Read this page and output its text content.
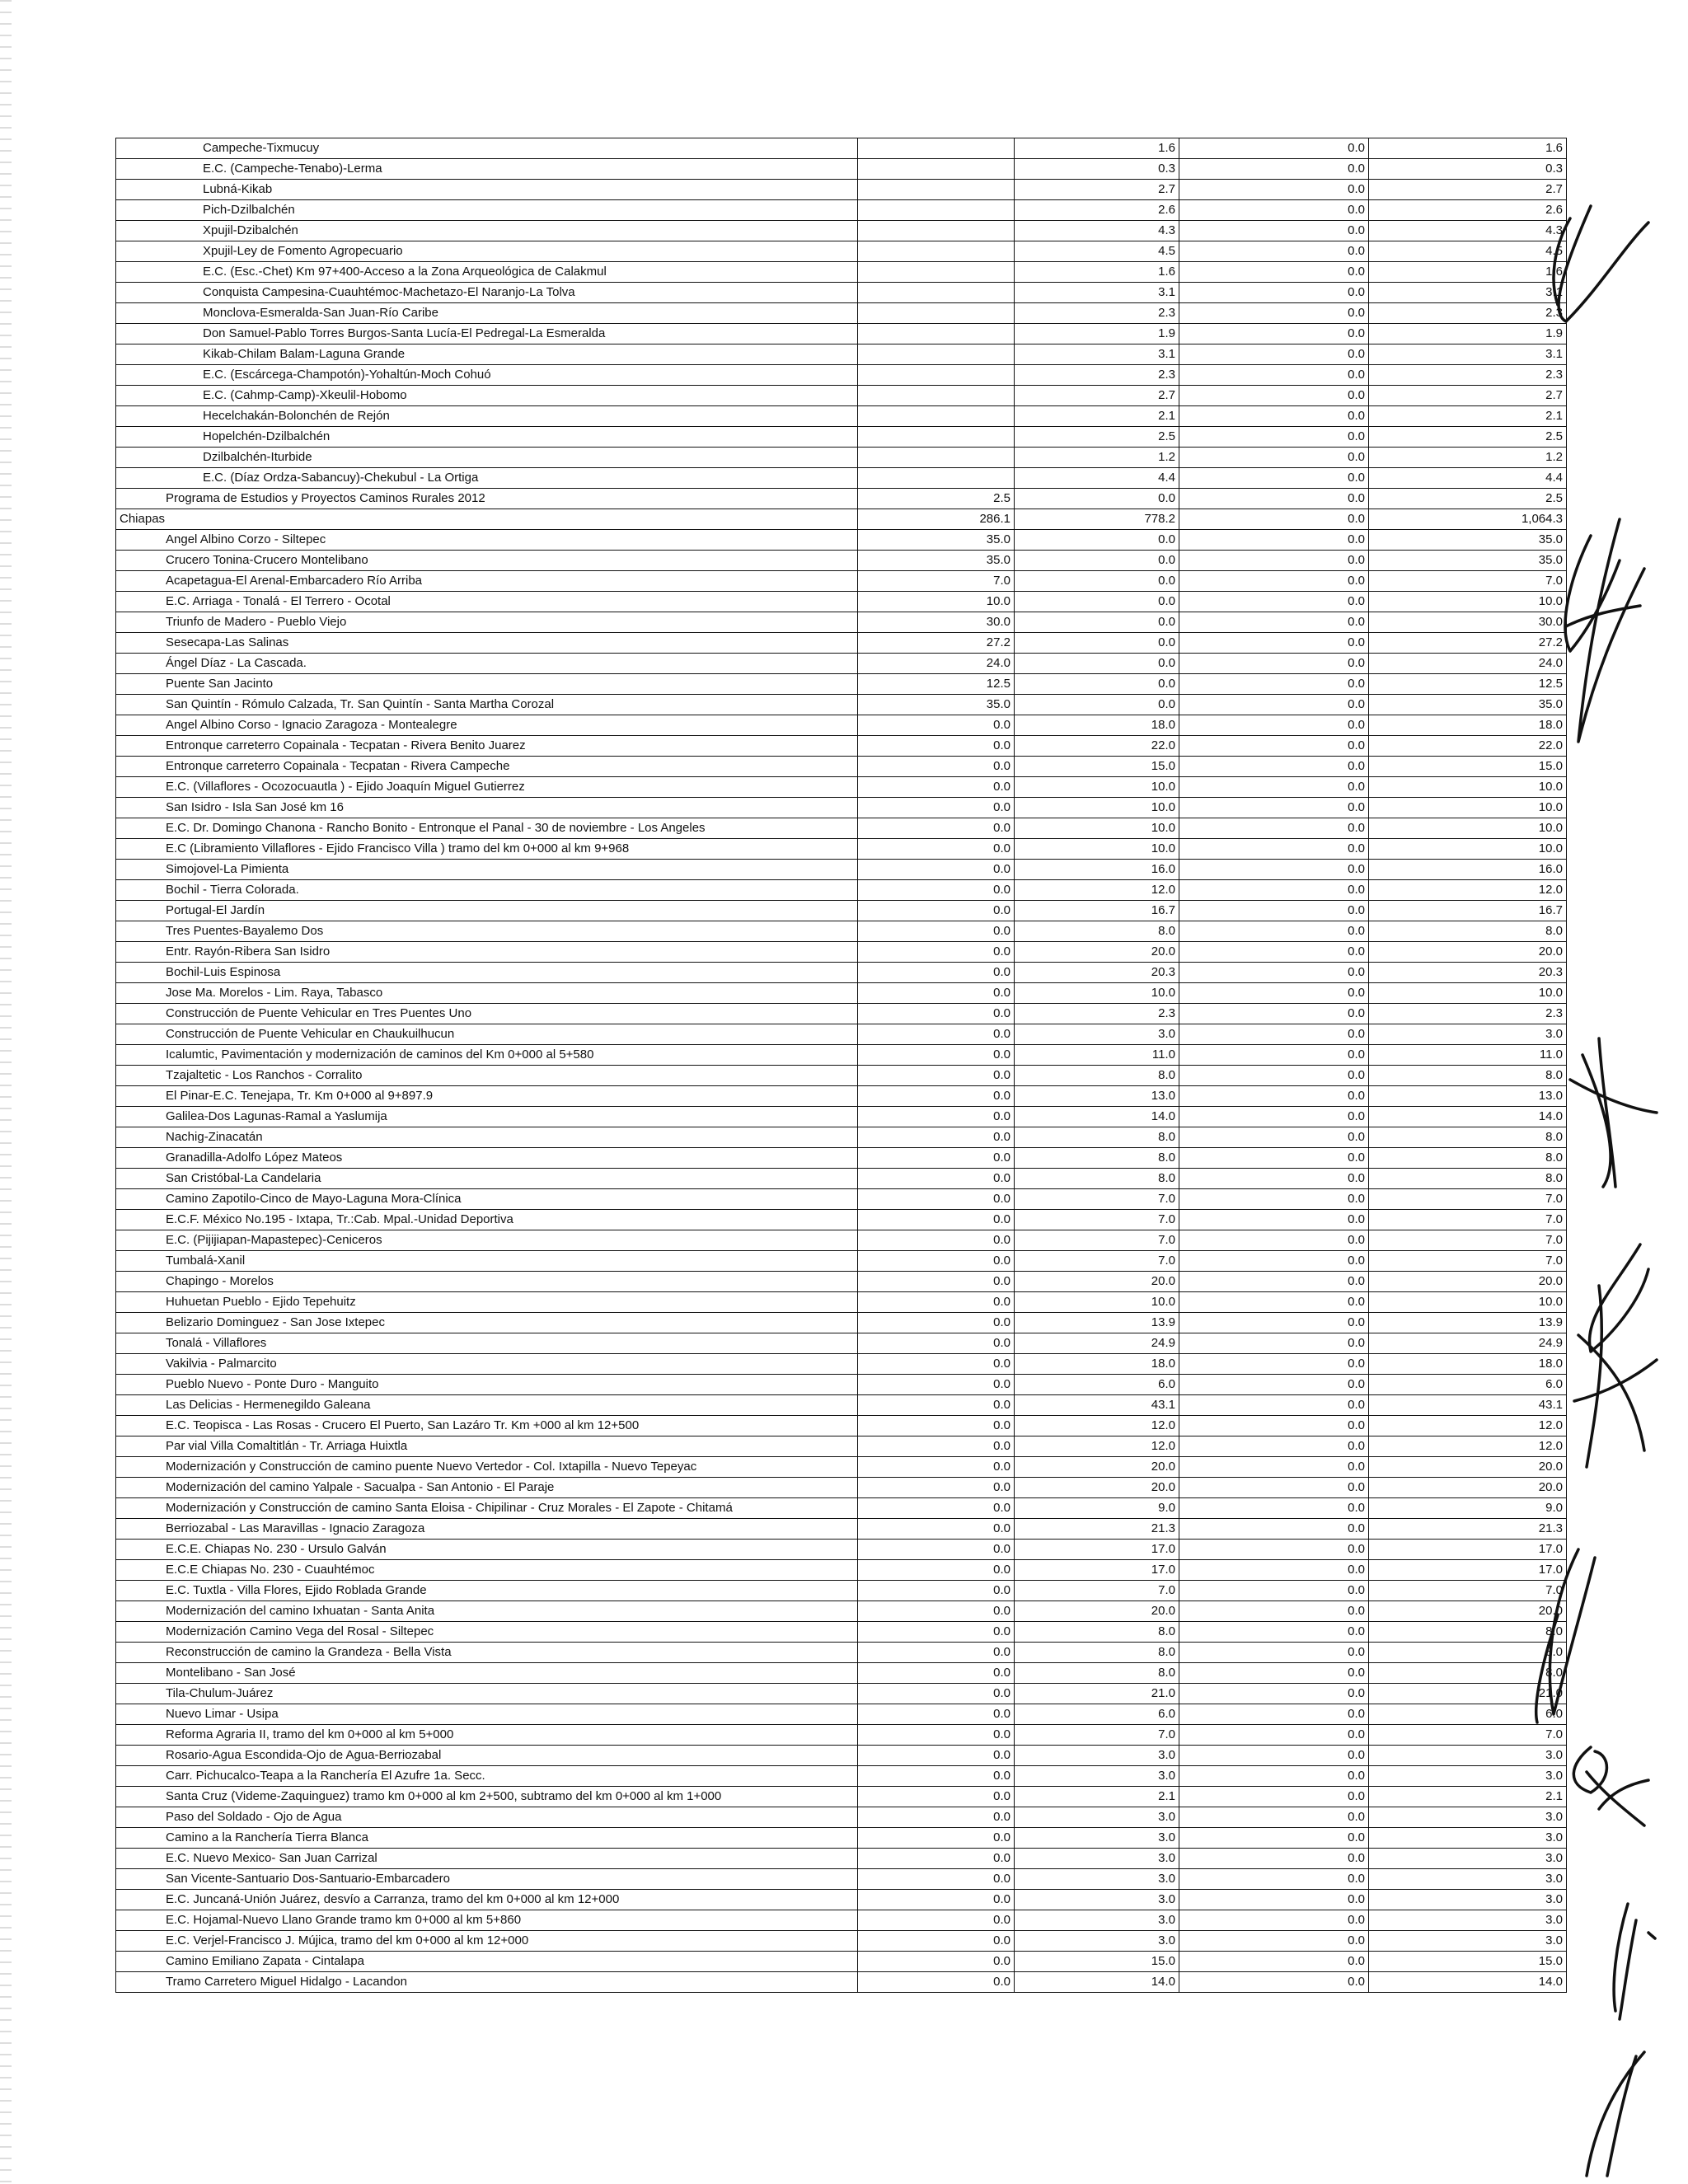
Campeche-Tixmucuy		1.6	0.0	1.6
E.C. (Campeche-Tenabo)-Lerma		0.3	0.0	0.3
Lubná-Kikab		2.7	0.0	2.7
Pich-Dzilbalchén		2.6	0.0	2.6
Xpujil-Dzibalchén		4.3	0.0	4.3
Xpujil-Ley de Fomento Agropecuario		4.5	0.0	4.5
E.C. (Esc.-Chet) Km 97+400-Acceso a la Zona Arqueológica de Calakmul		1.6	0.0	1.6
Conquista Campesina-Cuauhtémoc-Machetazo-El Naranjo-La Tolva		3.1	0.0	3.1
Monclova-Esmeralda-San Juan-Río Caribe		2.3	0.0	2.3
Don Samuel-Pablo Torres Burgos-Santa Lucía-El Pedregal-La Esmeralda		1.9	0.0	1.9
Kikab-Chilam Balam-Laguna Grande		3.1	0.0	3.1
E.C. (Escárcega-Champotón)-Yohaltún-Moch Cohuó		2.3	0.0	2.3
E.C. (Cahmp-Camp)-Xkeulil-Hobomo		2.7	0.0	2.7
Hecelchakán-Bolonchén de Rejón		2.1	0.0	2.1
Hopelchén-Dzilbalchén		2.5	0.0	2.5
Dzilbalchén-Iturbide		1.2	0.0	1.2
E.C. (Díaz Ordza-Sabancuy)-Chekubul - La Ortiga		4.4	0.0	4.4
Programa de Estudios y Proyectos Caminos Rurales 2012	2.5	0.0	0.0	2.5
Chiapas	286.1	778.2	0.0	1,064.3
Angel Albino Corzo - Siltepec	35.0	0.0	0.0	35.0
Crucero Tonina-Crucero Montelibano	35.0	0.0	0.0	35.0
Acapetagua-El Arenal-Embarcadero Río Arriba	7.0	0.0	0.0	7.0
E.C. Arriaga - Tonalá - El Terrero - Ocotal	10.0	0.0	0.0	10.0
Triunfo de Madero - Pueblo Viejo	30.0	0.0	0.0	30.0
Sesecapa-Las Salinas	27.2	0.0	0.0	27.2
Ángel Díaz - La Cascada.	24.0	0.0	0.0	24.0
Puente San Jacinto	12.5	0.0	0.0	12.5
San Quintín - Rómulo Calzada, Tr. San Quintín - Santa Martha Corozal	35.0	0.0	0.0	35.0
Angel Albino Corso - Ignacio Zaragoza - Montealegre	0.0	18.0	0.0	18.0
Entronque carreterro Copainala - Tecpatan - Rivera Benito Juarez	0.0	22.0	0.0	22.0
Entronque carreterro Copainala - Tecpatan - Rivera Campeche	0.0	15.0	0.0	15.0
E.C. (Villaflores - Ocozocuautla ) - Ejido Joaquín Miguel Gutierrez	0.0	10.0	0.0	10.0
San Isidro - Isla San José km 16	0.0	10.0	0.0	10.0
E.C. Dr. Domingo Chanona - Rancho Bonito - Entronque el Panal - 30 de noviembre - Los Angeles	0.0	10.0	0.0	10.0
E.C (Libramiento Villaflores - Ejido Francisco Villa ) tramo del km 0+000 al km 9+968	0.0	10.0	0.0	10.0
Simojovel-La Pimienta	0.0	16.0	0.0	16.0
Bochil - Tierra Colorada.	0.0	12.0	0.0	12.0
Portugal-El Jardín	0.0	16.7	0.0	16.7
Tres Puentes-Bayalemo Dos	0.0	8.0	0.0	8.0
Entr. Rayón-Ribera San Isidro	0.0	20.0	0.0	20.0
Bochil-Luis Espinosa	0.0	20.3	0.0	20.3
Jose Ma. Morelos - Lim. Raya, Tabasco	0.0	10.0	0.0	10.0
Construcción de Puente Vehicular en Tres Puentes Uno	0.0	2.3	0.0	2.3
Construcción de Puente Vehicular en Chaukuilhucun	0.0	3.0	0.0	3.0
Icalumtic, Pavimentación y modernización de caminos del Km 0+000 al 5+580	0.0	11.0	0.0	11.0
Tzajaltetic - Los Ranchos - Corralito	0.0	8.0	0.0	8.0
El Pinar-E.C. Tenejapa, Tr. Km 0+000 al 9+897.9	0.0	13.0	0.0	13.0
Galilea-Dos Lagunas-Ramal a Yaslumija	0.0	14.0	0.0	14.0
Nachig-Zinacatán	0.0	8.0	0.0	8.0
Granadilla-Adolfo López Mateos	0.0	8.0	0.0	8.0
San Cristóbal-La Candelaria	0.0	8.0	0.0	8.0
Camino Zapotilo-Cinco de Mayo-Laguna Mora-Clínica	0.0	7.0	0.0	7.0
E.C.F. México No.195 - Ixtapa, Tr.:Cab. Mpal.-Unidad Deportiva	0.0	7.0	0.0	7.0
E.C. (Pijijiapan-Mapastepec)-Ceniceros	0.0	7.0	0.0	7.0
Tumbalá-Xanil	0.0	7.0	0.0	7.0
Chapingo - Morelos	0.0	20.0	0.0	20.0
Huhuetan Pueblo - Ejido Tepehuitz	0.0	10.0	0.0	10.0
Belizario Dominguez - San Jose Ixtepec	0.0	13.9	0.0	13.9
Tonalá - Villaflores	0.0	24.9	0.0	24.9
Vakilvia - Palmarcito	0.0	18.0	0.0	18.0
Pueblo Nuevo - Ponte Duro - Manguito	0.0	6.0	0.0	6.0
Las Delicias - Hermenegildo Galeana	0.0	43.1	0.0	43.1
E.C. Teopisca - Las Rosas - Crucero El Puerto, San Lazáro Tr. Km +000 al km 12+500	0.0	12.0	0.0	12.0
Par vial Villa Comaltitlán - Tr. Arriaga Huixtla	0.0	12.0	0.0	12.0
Modernización y Construcción de camino puente Nuevo Vertedor - Col. Ixtapilla - Nuevo Tepeyac	0.0	20.0	0.0	20.0
Modernización del camino Yalpale - Sacualpa - San Antonio - El Paraje	0.0	20.0	0.0	20.0
Modernización y Construcción de camino Santa Eloisa - Chipilinar - Cruz Morales - El Zapote - Chitamá	0.0	9.0	0.0	9.0
Berriozabal - Las Maravillas - Ignacio Zaragoza	0.0	21.3	0.0	21.3
E.C.E. Chiapas No. 230 - Ursulo Galván	0.0	17.0	0.0	17.0
E.C.E Chiapas No. 230 - Cuauhtémoc	0.0	17.0	0.0	17.0
E.C. Tuxtla - Villa Flores, Ejido Roblada Grande	0.0	7.0	0.0	7.0
Modernización del camino Ixhuatan - Santa Anita	0.0	20.0	0.0	20.0
Modernización Camino Vega del Rosal - Siltepec	0.0	8.0	0.0	8.0
Reconstrucción de camino la Grandeza - Bella Vista	0.0	8.0	0.0	8.0
Montelibano - San José	0.0	8.0	0.0	8.0
Tila-Chulum-Juárez	0.0	21.0	0.0	21.0
Nuevo Limar - Usipa	0.0	6.0	0.0	6.0
Reforma Agraria II, tramo del km 0+000 al km 5+000	0.0	7.0	0.0	7.0
Rosario-Agua Escondida-Ojo de Agua-Berriozabal	0.0	3.0	0.0	3.0
Carr. Pichucalco-Teapa a la Ranchería El Azufre 1a. Secc.	0.0	3.0	0.0	3.0
Santa Cruz (Videme-Zaquinguez) tramo km 0+000 al km 2+500, subtramo del km 0+000 al km 1+000	0.0	2.1	0.0	2.1
Paso del Soldado - Ojo de Agua	0.0	3.0	0.0	3.0
Camino a la Ranchería Tierra Blanca	0.0	3.0	0.0	3.0
E.C. Nuevo Mexico- San Juan Carrizal	0.0	3.0	0.0	3.0
San Vicente-Santuario Dos-Santuario-Embarcadero	0.0	3.0	0.0	3.0
E.C. Juncaná-Unión Juárez, desvío a Carranza, tramo del km 0+000 al km 12+000	0.0	3.0	0.0	3.0
E.C. Hojamal-Nuevo Llano Grande tramo km 0+000 al km 5+860	0.0	3.0	0.0	3.0
E.C. Verjel-Francisco J. Mújica, tramo del km 0+000 al km 12+000	0.0	3.0	0.0	3.0
Camino Emiliano Zapata - Cintalapa	0.0	15.0	0.0	15.0
Tramo Carretero Miguel Hidalgo - Lacandon	0.0	14.0	0.0	14.0
